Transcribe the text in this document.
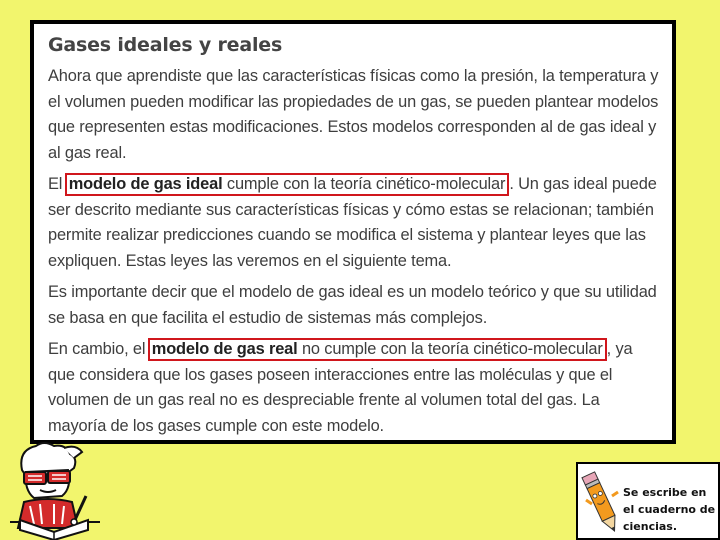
Gases ideales y reales

Ahora que aprendiste que las características físicas como la presión, la temperatura y el volumen pueden modificar las propiedades de un gas, se pueden plantear modelos que representen estas modificaciones. Estos modelos corresponden al de gas ideal y al gas real.

El modelo de gas ideal cumple con la teoría cinético-molecular . Un gas ideal puede ser descrito mediante sus características físicas y cómo estas se relacionan; también permite realizar predicciones cuando se modifica el sistema y plantear leyes que las expliquen. Estas leyes las veremos en el siguiente tema.

Es importante decir que el modelo de gas ideal es un modelo teórico y que su utilidad se basa en que facilita el estudio de sistemas más complejos.

En cambio, el modelo de gas real no cumple con la teoría cinético-molecular , ya que considera que los gases poseen interacciones entre las moléculas y que el volumen de un gas real no es despreciable frente al volumen total del gas. La mayoría de los gases cumple con este modelo.

Se escribe en el cuaderno de ciencias.
